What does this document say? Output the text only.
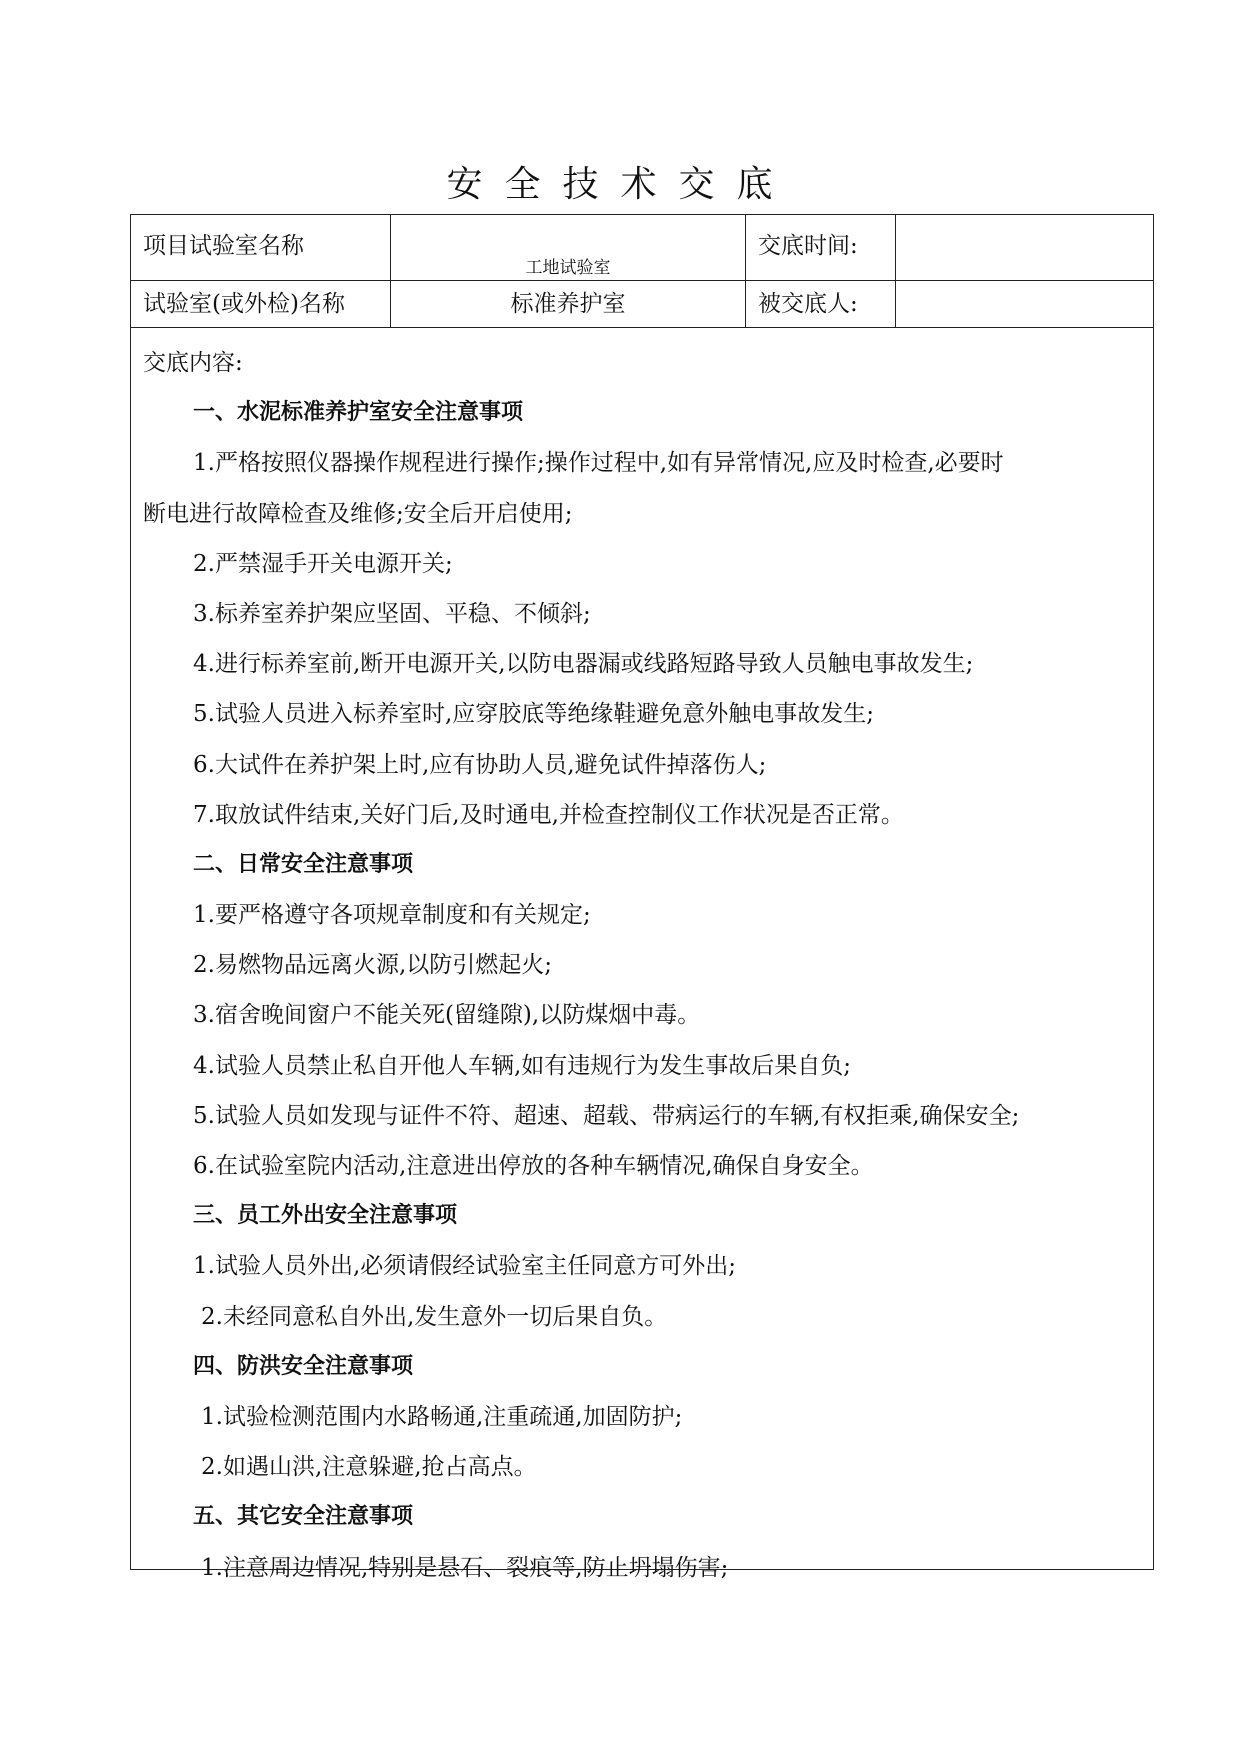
安全技术交底
项目试验室名称
工地试验室
交底时间:
试验室(或外检)名称	标准养护室	被交底人:
交底内容:
一、水泥标准养护室安全注意事项
1.严格按照仪器操作规程进行操作;操作过程中,如有异常情况,应及时检查,必要时
断电进行故障检查及维修;安全后开启使用;
2.严禁湿手开关电源开关;
3.标养室养护架应坚固、平稳、不倾斜;
4.进行标养室前,断开电源开关,以防电器漏或线路短路导致人员触电事故发生;
5.试验人员进入标养室时,应穿胶底等绝缘鞋避免意外触电事故发生;
6.大试件在养护架上时,应有协助人员,避免试件掉落伤人;
7.取放试件结束,关好门后,及时通电,并检查控制仪工作状况是否正常。
二、日常安全注意事项
1.要严格遵守各项规章制度和有关规定;
2.易燃物品远离火源,以防引燃起火;
3.宿舍晚间窗户不能关死(留缝隙),以防煤烟中毒。
4.试验人员禁止私自开他人车辆,如有违规行为发生事故后果自负;
5.试验人员如发现与证件不符、超速、超载、带病运行的车辆,有权拒乘,确保安全;
6.在试验室院内活动,注意进出停放的各种车辆情况,确保自身安全。
三、员工外出安全注意事项
1.试验人员外出,必须请假经试验室主任同意方可外出;
2.未经同意私自外出,发生意外一切后果自负。
四、防洪安全注意事项
1.试验检测范围内水路畅通,注重疏通,加固防护;
2.如遇山洪,注意躲避,抢占高点。
五、其它安全注意事项
1.注意周边情况,特别是悬石、裂痕等,防止坍塌伤害;
